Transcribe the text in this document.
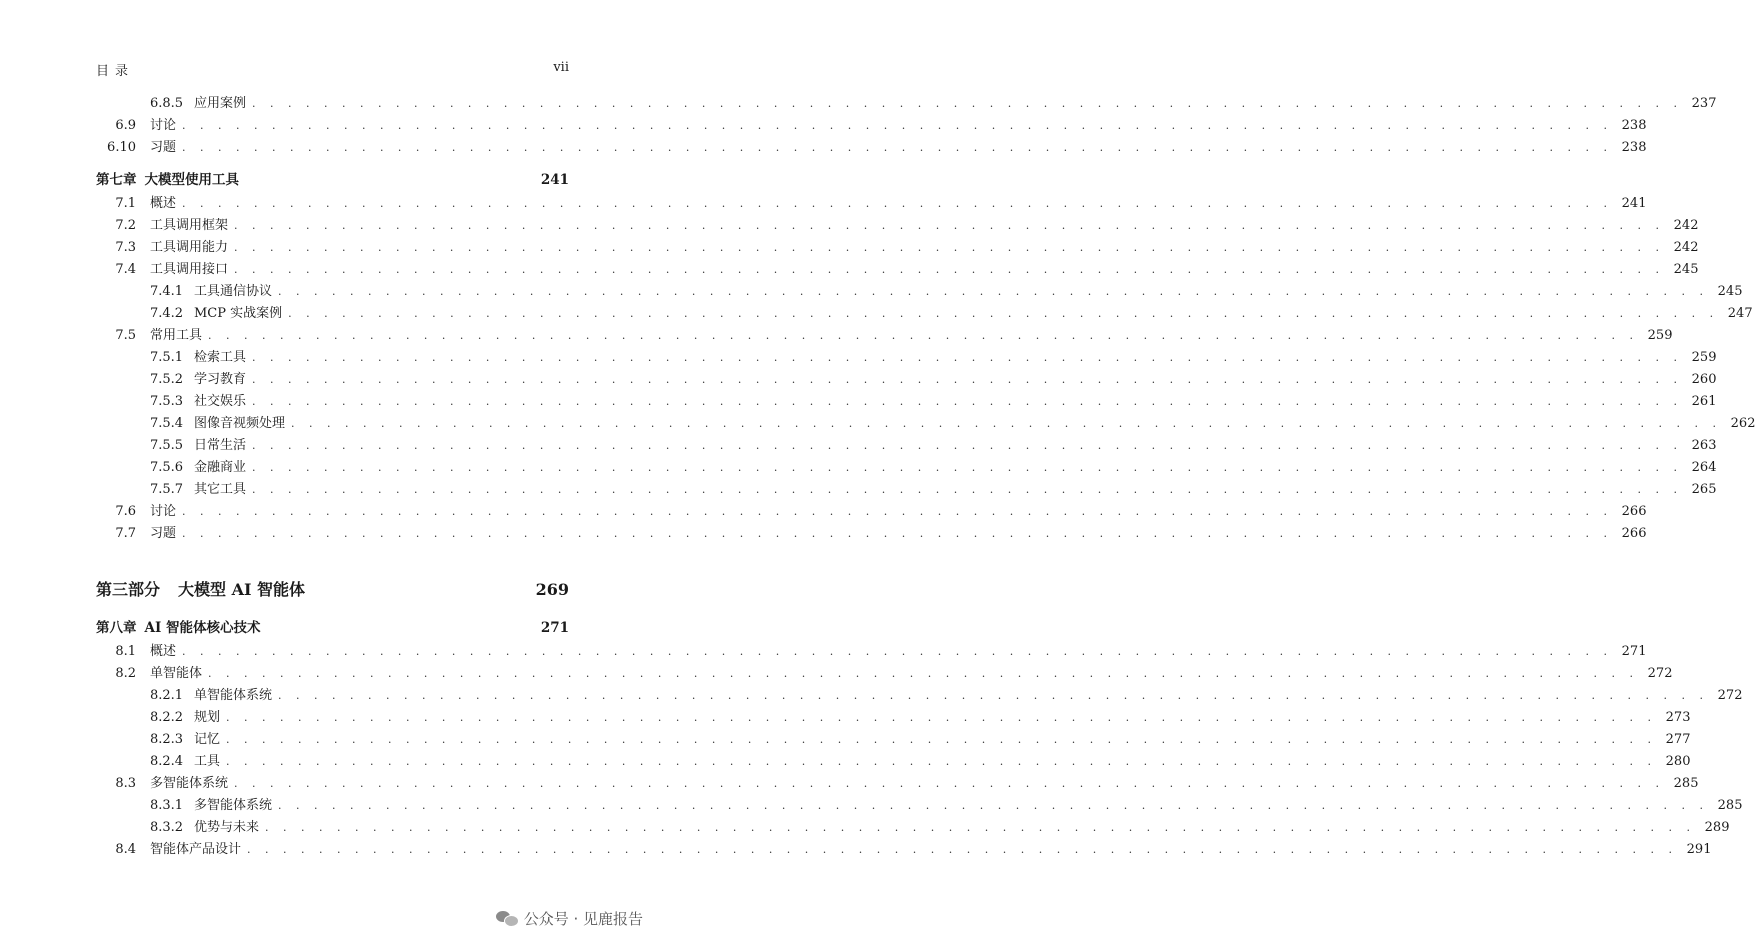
目录	vii
6.8.5 应用案例 . . . . . . . . . . . . . . . . . . . . . . . . . . . . . . . . . . . . . . . . . . . . . . . . . . . . . . . . . . . . . . . . . . . . . . . . . . . . . . . . 237
6.9	讨论 . . . . . . . . . . . . . . . . . . . . . . . . . . . . . . . . . . . . . . . . . . . . . . . . . . . . . . . . . . . . . . . . . . . . . . . . . . . . . . . . 238
6.10	习题 . . . . . . . . . . . . . . . . . . . . . . . . . . . . . . . . . . . . . . . . . . . . . . . . . . . . . . . . . . . . . . . . . . . . . . . . . . . . . . . . 238
第七章 大模型使用工具	241
7.1	概述 . . . . . . . . . . . . . . . . . . . . . . . . . . . . . . . . . . . . . . . . . . . . . . . . . . . . . . . . . . . . . . . . . . . . . . . . . . . . . . . . 241
7.2	工具调用框架 . . . . . . . . . . . . . . . . . . . . . . . . . . . . . . . . . . . . . . . . . . . . . . . . . . . . . . . . . . . . . . . . . . . . . . . . . . . . . . . . 242
7.3	工具调用能力 . . . . . . . . . . . . . . . . . . . . . . . . . . . . . . . . . . . . . . . . . . . . . . . . . . . . . . . . . . . . . . . . . . . . . . . . . . . . . . . . 242
7.4	工具调用接口 . . . . . . . . . . . . . . . . . . . . . . . . . . . . . . . . . . . . . . . . . . . . . . . . . . . . . . . . . . . . . . . . . . . . . . . . . . . . . . . . 245
7.4.1 工具通信协议 . . . . . . . . . . . . . . . . . . . . . . . . . . . . . . . . . . . . . . . . . . . . . . . . . . . . . . . . . . . . . . . . . . . . . . . . . . . . . . . . 245
7.4.2 MCP 实战案例 . . . . . . . . . . . . . . . . . . . . . . . . . . . . . . . . . . . . . . . . . . . . . . . . . . . . . . . . . . . . . . . . . . . . . . . . . . . . . . . . 247
7.5	常用工具 . . . . . . . . . . . . . . . . . . . . . . . . . . . . . . . . . . . . . . . . . . . . . . . . . . . . . . . . . . . . . . . . . . . . . . . . . . . . . . . . 259
7.5.1 检索工具 . . . . . . . . . . . . . . . . . . . . . . . . . . . . . . . . . . . . . . . . . . . . . . . . . . . . . . . . . . . . . . . . . . . . . . . . . . . . . . . . 259
7.5.2 学习教育 . . . . . . . . . . . . . . . . . . . . . . . . . . . . . . . . . . . . . . . . . . . . . . . . . . . . . . . . . . . . . . . . . . . . . . . . . . . . . . . . 260
7.5.3 社交娱乐 . . . . . . . . . . . . . . . . . . . . . . . . . . . . . . . . . . . . . . . . . . . . . . . . . . . . . . . . . . . . . . . . . . . . . . . . . . . . . . . . 261
7.5.4 图像音视频处理 . . . . . . . . . . . . . . . . . . . . . . . . . . . . . . . . . . . . . . . . . . . . . . . . . . . . . . . . . . . . . . . . . . . . . . . . . . . . . . . . 262
7.5.5 日常生活 . . . . . . . . . . . . . . . . . . . . . . . . . . . . . . . . . . . . . . . . . . . . . . . . . . . . . . . . . . . . . . . . . . . . . . . . . . . . . . . . 263
7.5.6 金融商业 . . . . . . . . . . . . . . . . . . . . . . . . . . . . . . . . . . . . . . . . . . . . . . . . . . . . . . . . . . . . . . . . . . . . . . . . . . . . . . . . 264
7.5.7 其它工具 . . . . . . . . . . . . . . . . . . . . . . . . . . . . . . . . . . . . . . . . . . . . . . . . . . . . . . . . . . . . . . . . . . . . . . . . . . . . . . . . 265
7.6	讨论 . . . . . . . . . . . . . . . . . . . . . . . . . . . . . . . . . . . . . . . . . . . . . . . . . . . . . . . . . . . . . . . . . . . . . . . . . . . . . . . . 266
7.7	习题 . . . . . . . . . . . . . . . . . . . . . . . . . . . . . . . . . . . . . . . . . . . . . . . . . . . . . . . . . . . . . . . . . . . . . . . . . . . . . . . . 266
第三部分	大模型 AI 智能体	269
第八章 AI 智能体核心技术	271
8.1	概述 . . . . . . . . . . . . . . . . . . . . . . . . . . . . . . . . . . . . . . . . . . . . . . . . . . . . . . . . . . . . . . . . . . . . . . . . . . . . . . . . 271
8.2	单智能体 . . . . . . . . . . . . . . . . . . . . . . . . . . . . . . . . . . . . . . . . . . . . . . . . . . . . . . . . . . . . . . . . . . . . . . . . . . . . . . . . 272
8.2.1 单智能体系统 . . . . . . . . . . . . . . . . . . . . . . . . . . . . . . . . . . . . . . . . . . . . . . . . . . . . . . . . . . . . . . . . . . . . . . . . . . . . . . . . 272
8.2.2 规划 . . . . . . . . . . . . . . . . . . . . . . . . . . . . . . . . . . . . . . . . . . . . . . . . . . . . . . . . . . . . . . . . . . . . . . . . . . . . . . . . 273
8.2.3 记忆 . . . . . . . . . . . . . . . . . . . . . . . . . . . . . . . . . . . . . . . . . . . . . . . . . . . . . . . . . . . . . . . . . . . . . . . . . . . . . . . . 277
8.2.4 工具 . . . . . . . . . . . . . . . . . . . . . . . . . . . . . . . . . . . . . . . . . . . . . . . . . . . . . . . . . . . . . . . . . . . . . . . . . . . . . . . . 280
8.3	多智能体系统 . . . . . . . . . . . . . . . . . . . . . . . . . . . . . . . . . . . . . . . . . . . . . . . . . . . . . . . . . . . . . . . . . . . . . . . . . . . . . . . . 285
8.3.1 多智能体系统 . . . . . . . . . . . . . . . . . . . . . . . . . . . . . . . . . . . . . . . . . . . . . . . . . . . . . . . . . . . . . . . . . . . . . . . . . . . . . . . . 285
8.3.2 优势与未来 . . . . . . . . . . . . . . . . . . . . . . . . . . . . . . . . . . . . . . . . . . . . . . . . . . . . . . . . . . . . . . . . . . . . . . . . . . . . . . . . 289
8.4	智能体产品设计 . . . . . . . . . . . . . . . . . . . . . . . . . . . . . . . . . . . . . . . . . . . . . . . . . . . . . . . . . . . . . . . . . . . . . . . . . . . . . . . . 291
公众号 · 见鹿报告
